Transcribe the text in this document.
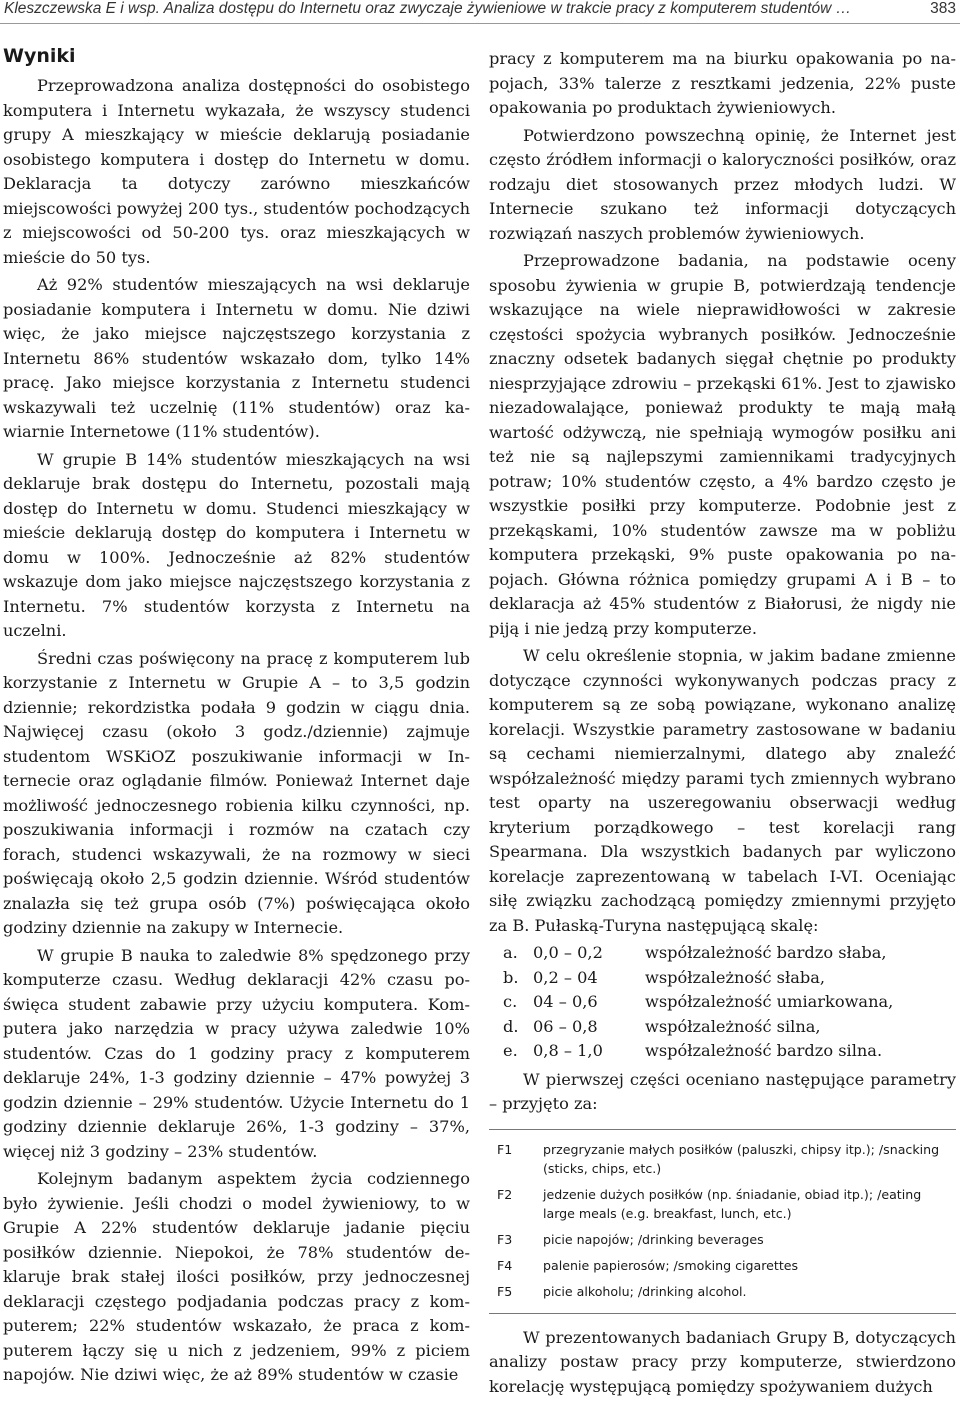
Kleszczewska E i wsp. Analiza dostępu do Internetu oraz zwyczaje żywieniowe w trakcie pracy z komputerem studentów …	383
Wyniki

Przeprowadzona analiza dostępności do osobistego komputera i Internetu wykazała, że wszyscy studenci grupy A mieszkający w mieście deklarują posiadanie osobistego komputera i dostęp do Internetu w domu. Deklaracja ta dotyczy zarówno mieszkańców miejscowości powyżej 200 tys., studentów pochodzących z miejscowości od 50-200 tys. oraz mieszkających w mieście do 50 tys.

Aż 92% studentów mieszających na wsi deklaruje posiadanie komputera i Internetu w domu. Nie dziwi więc, że jako miejsce najczęstszego korzystania z Internetu 86% studentów wskazało dom, tylko 14% pracę. Jako miejsce korzystania z Internetu studenci wskazywali też uczelnię (11% studentów) oraz kawiarnie Internetowe (11% studentów).

W grupie B 14% studentów mieszkających na wsi deklaruje brak dostępu do Internetu, pozostali mają dostęp do Internetu w domu. Studenci mieszkający w mieście deklarują dostęp do komputera i Internetu w domu w 100%. Jednocześnie aż 82% studentów wskazuje dom jako miejsce najczęstszego korzystania z Internetu. 7% studentów korzysta z Internetu na uczelni.

Średni czas poświęcony na pracę z komputerem lub korzystanie z Internetu w Grupie A – to 3,5 godzin dziennie; rekordzistka podała 9 godzin w ciągu dnia. Najwięcej czasu (około 3 godz./dziennie) zajmuje studentom WSKiOZ poszukiwanie informacji w Internecie oraz oglądanie filmów. Ponieważ Internet daje możliwość jednoczesnego robienia kilku czynności, np. poszukiwania informacji i rozmów na czatach czy forach, studenci wskazywali, że na rozmowy w sieci poświęcają około 2,5 godzin dziennie. Wśród studentów znalazła się też grupa osób (7%) poświęcająca około godziny dziennie na zakupy w Internecie.

W grupie B nauka to zaledwie 8% spędzonego przy komputerze czasu. Według deklaracji 42% czasu poświęca student zabawie przy użyciu komputera. Komputera jako narzędzia w pracy używa zaledwie 10% studentów. Czas do 1 godziny pracy z komputerem deklaruje 24%, 1-3 godziny dziennie – 47% powyżej 3 godzin dziennie – 29% studentów. Użycie Internetu do 1 godziny dziennie deklaruje 26%, 1-3 godziny – 37%, więcej niż 3 godziny – 23% studentów.

Kolejnym badanym aspektem życia codziennego było żywienie. Jeśli chodzi o model żywieniowy, to w Grupie A 22% studentów deklaruje jadanie pięciu posiłków dziennie. Niepokoi, że 78% studentów deklaruje brak stałej ilości posiłków, przy jednoczesnej deklaracji częstego podjadania podczas pracy z komputerem; 22% studentów wskazało, że praca z komputerem łączy się u nich z jedzeniem, 99% z piciem napojów. Nie dziwi więc, że aż 89% studentów w czasie

pracy z komputerem ma na biurku opakowania po napojach, 33% talerze z resztkami jedzenia, 22% puste opakowania po produktach żywieniowych.

Potwierdzono powszechną opinię, że Internet jest często źródłem informacji o kaloryczności posiłków, oraz rodzaju diet stosowanych przez młodych ludzi. W Internecie szukano też informacji dotyczących rozwiązań naszych problemów żywieniowych.

Przeprowadzone badania, na podstawie oceny sposobu żywienia w grupie B, potwierdzają tendencje wskazujące na wiele nieprawidłowości w zakresie częstości spożycia wybranych posiłków. Jednocześnie znaczny odsetek badanych sięgał chętnie po produkty niesprzyjające zdrowiu – przekąski 61%. Jest to zjawisko niezadowalające, ponieważ produkty te mają małą wartość odżywczą, nie spełniają wymogów posiłku ani też nie są najlepszymi zamiennikami tradycyjnych potraw; 10% studentów często, a 4% bardzo często je wszystkie posiłki przy komputerze. Podobnie jest z przekąskami, 10% studentów zawsze ma w pobliżu komputera przekąski, 9% puste opakowania po napojach. Główna różnica pomiędzy grupami A i B – to deklaracja aż 45% studentów z Białorusi, że nigdy nie piją i nie jedzą przy komputerze.

W celu określenie stopnia, w jakim badane zmienne dotyczące czynności wykonywanych podczas pracy z komputerem są ze sobą powiązane, wykonano analizę korelacji. Wszystkie parametry zastosowane w badaniu są cechami niemierzalnymi, dlatego aby znaleźć współzależność między parami tych zmiennych wybrano test oparty na uszeregowaniu obserwacji według kryterium porządkowego – test korelacji rang Spearmana. Dla wszystkich badanych par wyliczono korelacje zaprezentowaną w tabelach I-VI. Oceniając siłę związku zachodzącą pomiędzy zmiennymi przyjęto za B. Pułaską-Turyna następującą skalę:

a. 0,0 – 0,2	współzależność bardzo słaba,
b. 0,2 – 04	współzależność słaba,
c. 04 – 0,6	współzależność umiarkowana,
d. 06 – 0,8	współzależność silna,
e. 0,8 – 1,0	współzależność bardzo silna.

W pierwszej części oceniano następujące parametry – przyjęto za:

F1	przegryzanie małych posiłków (paluszki, chipsy itp.); /snacking (sticks, chips, etc.)
F2	jedzenie dużych posiłków (np. śniadanie, obiad itp.); /eating large meals (e.g. breakfast, lunch, etc.)
F3	picie napojów; /drinking beverages
F4	palenie papierosów; /smoking cigarettes
F5	picie alkoholu; /drinking alcohol.

W prezentowanych badaniach Grupy B, dotyczących analizy postaw pracy przy komputerze, stwierdzono korelację występującą pomiędzy spożywaniem dużych
